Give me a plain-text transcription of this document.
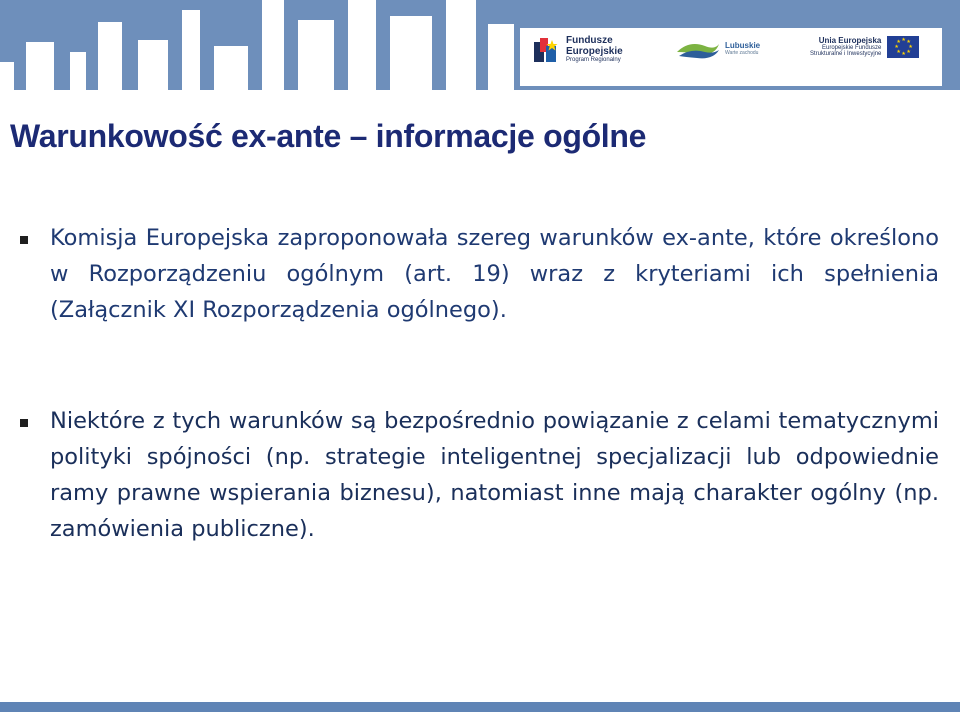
Fundusze
Europejskie
Program Regionalny
Lubuskie
Warte zachodu
Unia Europejska
Europejskie Fundusze
Strukturalne i Inwestycyjne
★ ★
★
★
★
★
★
★
Warunkowość ex-ante – informacje ogólne

Komisja Europejska zaproponowała szereg warunków ex-ante, które określono w Rozporządzeniu ogólnym (art. 19) wraz z kryteriami ich spełnienia (Załącznik XI Rozporządzenia ogólnego).

Niektóre z tych warunków są bezpośrednio powiązanie z celami tematycznymi polityki spójności (np. strategie inteligentnej specjalizacji lub odpowiednie ramy prawne wspierania biznesu), natomiast inne mają charakter ogólny (np. zamówienia publiczne).
